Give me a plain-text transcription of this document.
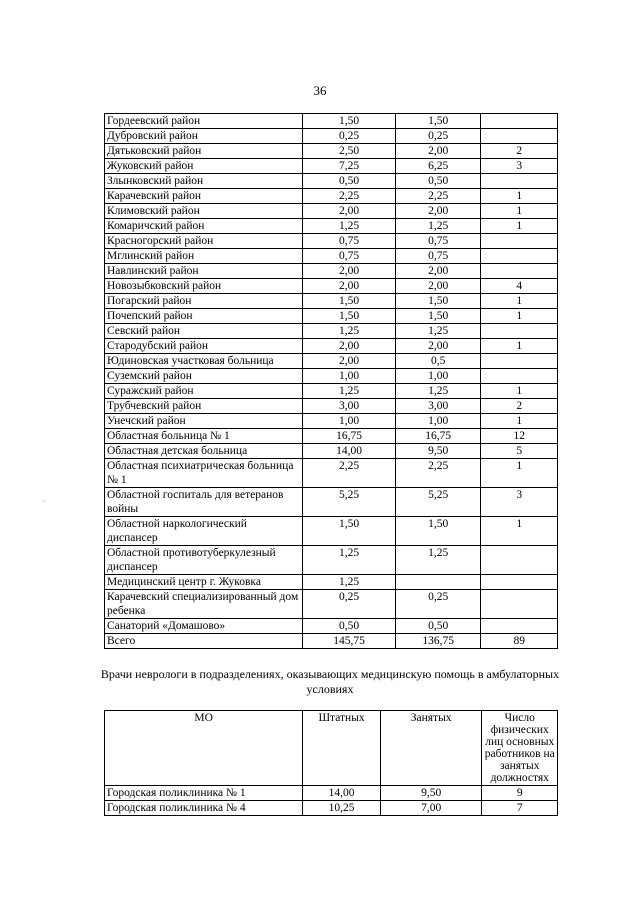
36
Гордеевский район	1,50	1,50	
Дубровский район	0,25	0,25	
Дятьковский район	2,50	2,00	2
Жуковский район	7,25	6,25	3
Злынковский район	0,50	0,50	
Карачевский район	2,25	2,25	1
Климовский район	2,00	2,00	1
Комаричский район	1,25	1,25	1
Красногорский район	0,75	0,75	
Мглинский район	0,75	0,75	
Навлинский район	2,00	2,00	
Новозыбковский район	2,00	2,00	4
Погарский район	1,50	1,50	1
Почепский район	1,50	1,50	1
Севский район	1,25	1,25	
Стародубский район	2,00	2,00	1
Юдиновская участковая больница	2,00	0,5	
Суземский район	1,00	1,00	
Суражский район	1,25	1,25	1
Трубчевский район	3,00	3,00	2
Унечский район	1,00	1,00	1
Областная больница № 1	16,75	16,75	12
Областная детская больница	14,00	9,50	5
Областная психиатрическая больница № 1	2,25	2,25	1
Областной госпиталь для ветеранов войны	5,25	5,25	3
Областной наркологический диспансер	1,50	1,50	1
Областной противотуберкулезный диспансер	1,25	1,25	
Медицинский центр г. Жуковка	1,25		
Карачевский специализированный дом ребенка	0,25	0,25	
Санаторий «Домашово»	0,50	0,50	
Всего	145,75	136,75	89
Врачи неврологи в подразделениях, оказывающих медицинскую помощь в амбулаторных условиях
МО	Штатных	Занятых	Число физических лиц основных работников на занятых должностях
Городская поликлиника № 1	14,00	9,50	9
Городская поликлиника № 4	10,25	7,00	7
·
